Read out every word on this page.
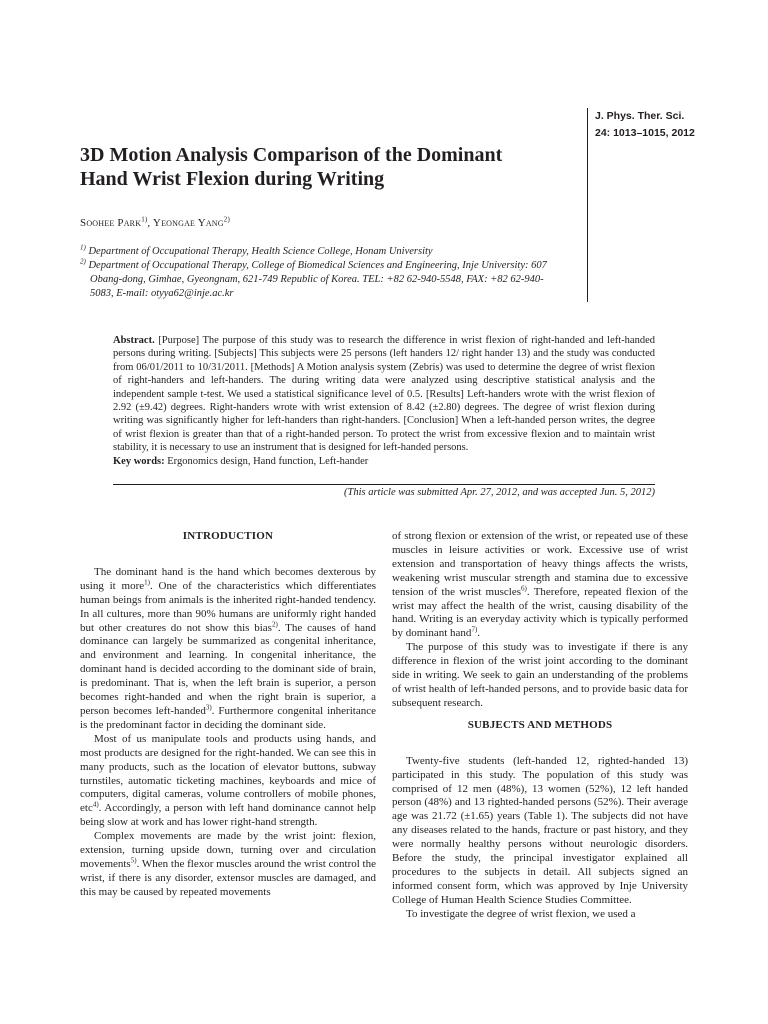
J. Phys. Ther. Sci.
24: 1013–1015, 2012
3D Motion Analysis Comparison of the Dominant
Hand Wrist Flexion during Writing
Soohee Park$^{1)}$, Yeongae Yang$^{2)}$

$^{1)}$ Department of Occupational Therapy, Health Science College, Honam University

$^{2)}$ Department of Occupational Therapy, College of Biomedical Sciences and Engineering, Inje University: 607 Obang-dong, Gimhae, Gyeongnam, 621-749 Republic of Korea. TEL: +82 62-940-5548, FAX: +82 62-940-5083, E-mail: otyya62@inje.ac.kr

Abstract. [Purpose] The purpose of this study was to research the difference in wrist flexion of right-handed and left-handed persons during writing. [Subjects] This subjects were 25 persons (left handers 12/ right hander 13) and the study was conducted from 06/01/2011 to 10/31/2011. [Methods] A Motion analysis system (Zebris) was used to determine the degree of wrist flexion of right-handers and left-handers. The during writing data were analyzed using descriptive statistical analysis and the independent sample t-test. We used a statistical significance level of 0.5. [Results] Left-handers wrote with the wrist flexion of 2.92 (±9.42) degrees. Right-handers wrote with wrist extension of 8.42 (±2.80) degrees. The degree of wrist flexion during writing was significantly higher for left-handers than right-handers. [Conclusion] When a left-handed person writes, the degree of wrist flexion is greater than that of a right-handed person. To protect the wrist from excessive flexion and to maintain wrist stability, it is necessary to use an instrument that is designed for left-handed persons.

Key words: Ergonomics design, Hand function, Left-hander

(This article was submitted Apr. 27, 2012, and was accepted Jun. 5, 2012)
INTRODUCTION

The dominant hand is the hand which becomes dexterous by using it more$^{1)}$. One of the characteristics which differentiates human beings from animals is the inherited right-handed tendency. In all cultures, more than 90% humans are uniformly right handed but other creatures do not show this bias$^{2)}$. The causes of hand dominance can largely be summarized as congenital inheritance, and environment and learning. In congenital inheritance, the dominant hand is decided according to the dominant side of brain, is predominant. That is, when the left brain is superior, a person becomes right-handed and when the right brain is superior, a person becomes left-handed$^{3)}$. Furthermore congenital inheritance is the predominant factor in deciding the dominant side.

Most of us manipulate tools and products using hands, and most products are designed for the right-handed. We can see this in many products, such as the location of elevator buttons, subway turnstiles, automatic ticketing machines, keyboards and mice of computers, digital cameras, volume controllers of mobile phones, etc$^{4)}$. Accordingly, a person with left hand dominance cannot help being slow at work and has lower right-hand strength.

Complex movements are made by the wrist joint: flexion, extension, turning upside down, turning over and circulation movements$^{5)}$. When the flexor muscles around the wrist control the wrist, if there is any disorder, extensor muscles are damaged, and this may be caused by repeated movements

of strong flexion or extension of the wrist, or repeated use of these muscles in leisure activities or work. Excessive use of wrist extension and transportation of heavy things affects the wrists, weakening wrist muscular strength and stamina due to excessive tension of the wrist muscles$^{6)}$. Therefore, repeated flexion of the wrist may affect the health of the wrist, causing disability of the hand. Writing is an everyday activity which is typically performed by dominant hand$^{7)}$.

The purpose of this study was to investigate if there is any difference in flexion of the wrist joint according to the dominant side in writing. We seek to gain an understanding of the problems of wrist health of left-handed persons, and to provide basic data for subsequent research.

SUBJECTS AND METHODS

Twenty-five students (left-handed 12, righted-handed 13) participated in this study. The population of this study was comprised of 12 men (48%), 13 women (52%), 12 left handed person (48%) and 13 righted-handed persons (52%). Their average age was 21.72 (±1.65) years (Table 1). The subjects did not have any diseases related to the hands, fracture or past history, and they were normally healthy persons without neurologic disorders. Before the study, the principal investigator explained all procedures to the subjects in detail. All subjects signed an informed consent form, which was approved by Inje University College of Human Health Science Studies Committee.

To investigate the degree of wrist flexion, we used a
